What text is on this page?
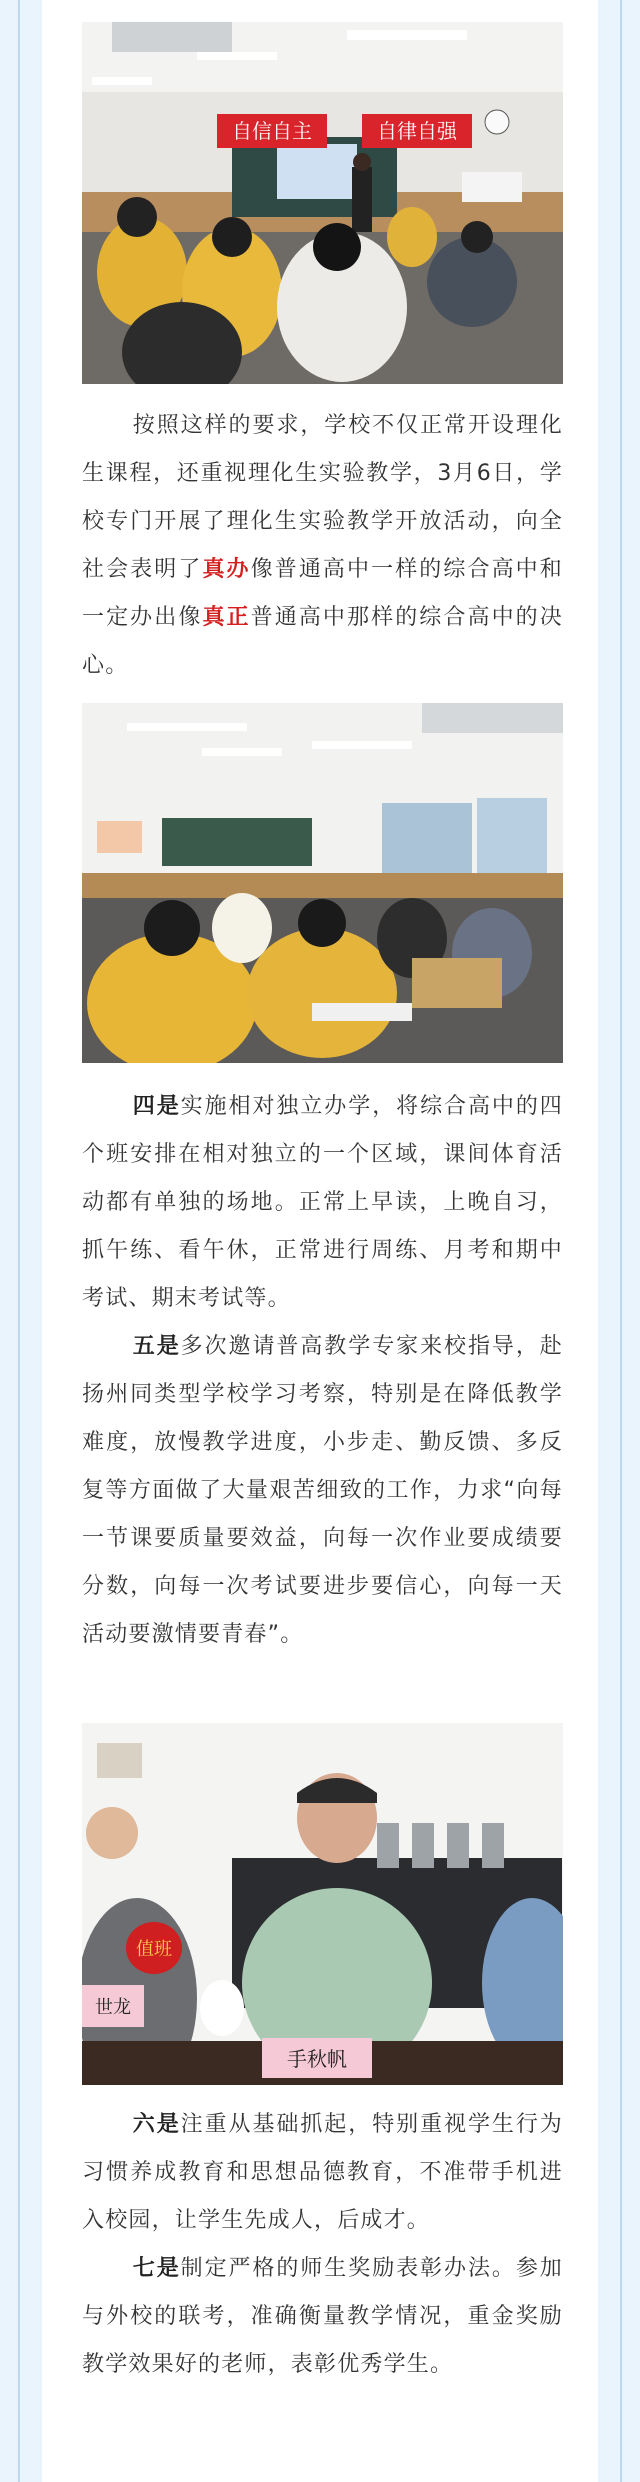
自信自主	自律自强

按照这样的要求，学校不仅正常开设理化生课程，还重视理化生实验教学，3月6日，学校专门开展了理化生实验教学开放活动，向全社会表明了真办像普通高中一样的综合高中和一定办出像真正普通高中那样的综合高中的决心。

四是实施相对独立办学，将综合高中的四个班安排在相对独立的一个区域，课间体育活动都有单独的场地。正常上早读，上晚自习，抓午练、看午休，正常进行周练、月考和期中考试、期末考试等。

五是多次邀请普高教学专家来校指导，赴扬州同类型学校学习考察，特别是在降低教学难度，放慢教学进度，小步走、勤反馈、多反复等方面做了大量艰苦细致的工作，力求“向每一节课要质量要效益，向每一次作业要成绩要分数，向每一次考试要进步要信心，向每一天活动要激情要青春”。

值班
世龙
手秋帆

六是注重从基础抓起，特别重视学生行为习惯养成教育和思想品德教育，不准带手机进入校园，让学生先成人，后成才。

七是制定严格的师生奖励表彰办法。参加与外校的联考，准确衡量教学情况，重金奖励教学效果好的老师，表彰优秀学生。
